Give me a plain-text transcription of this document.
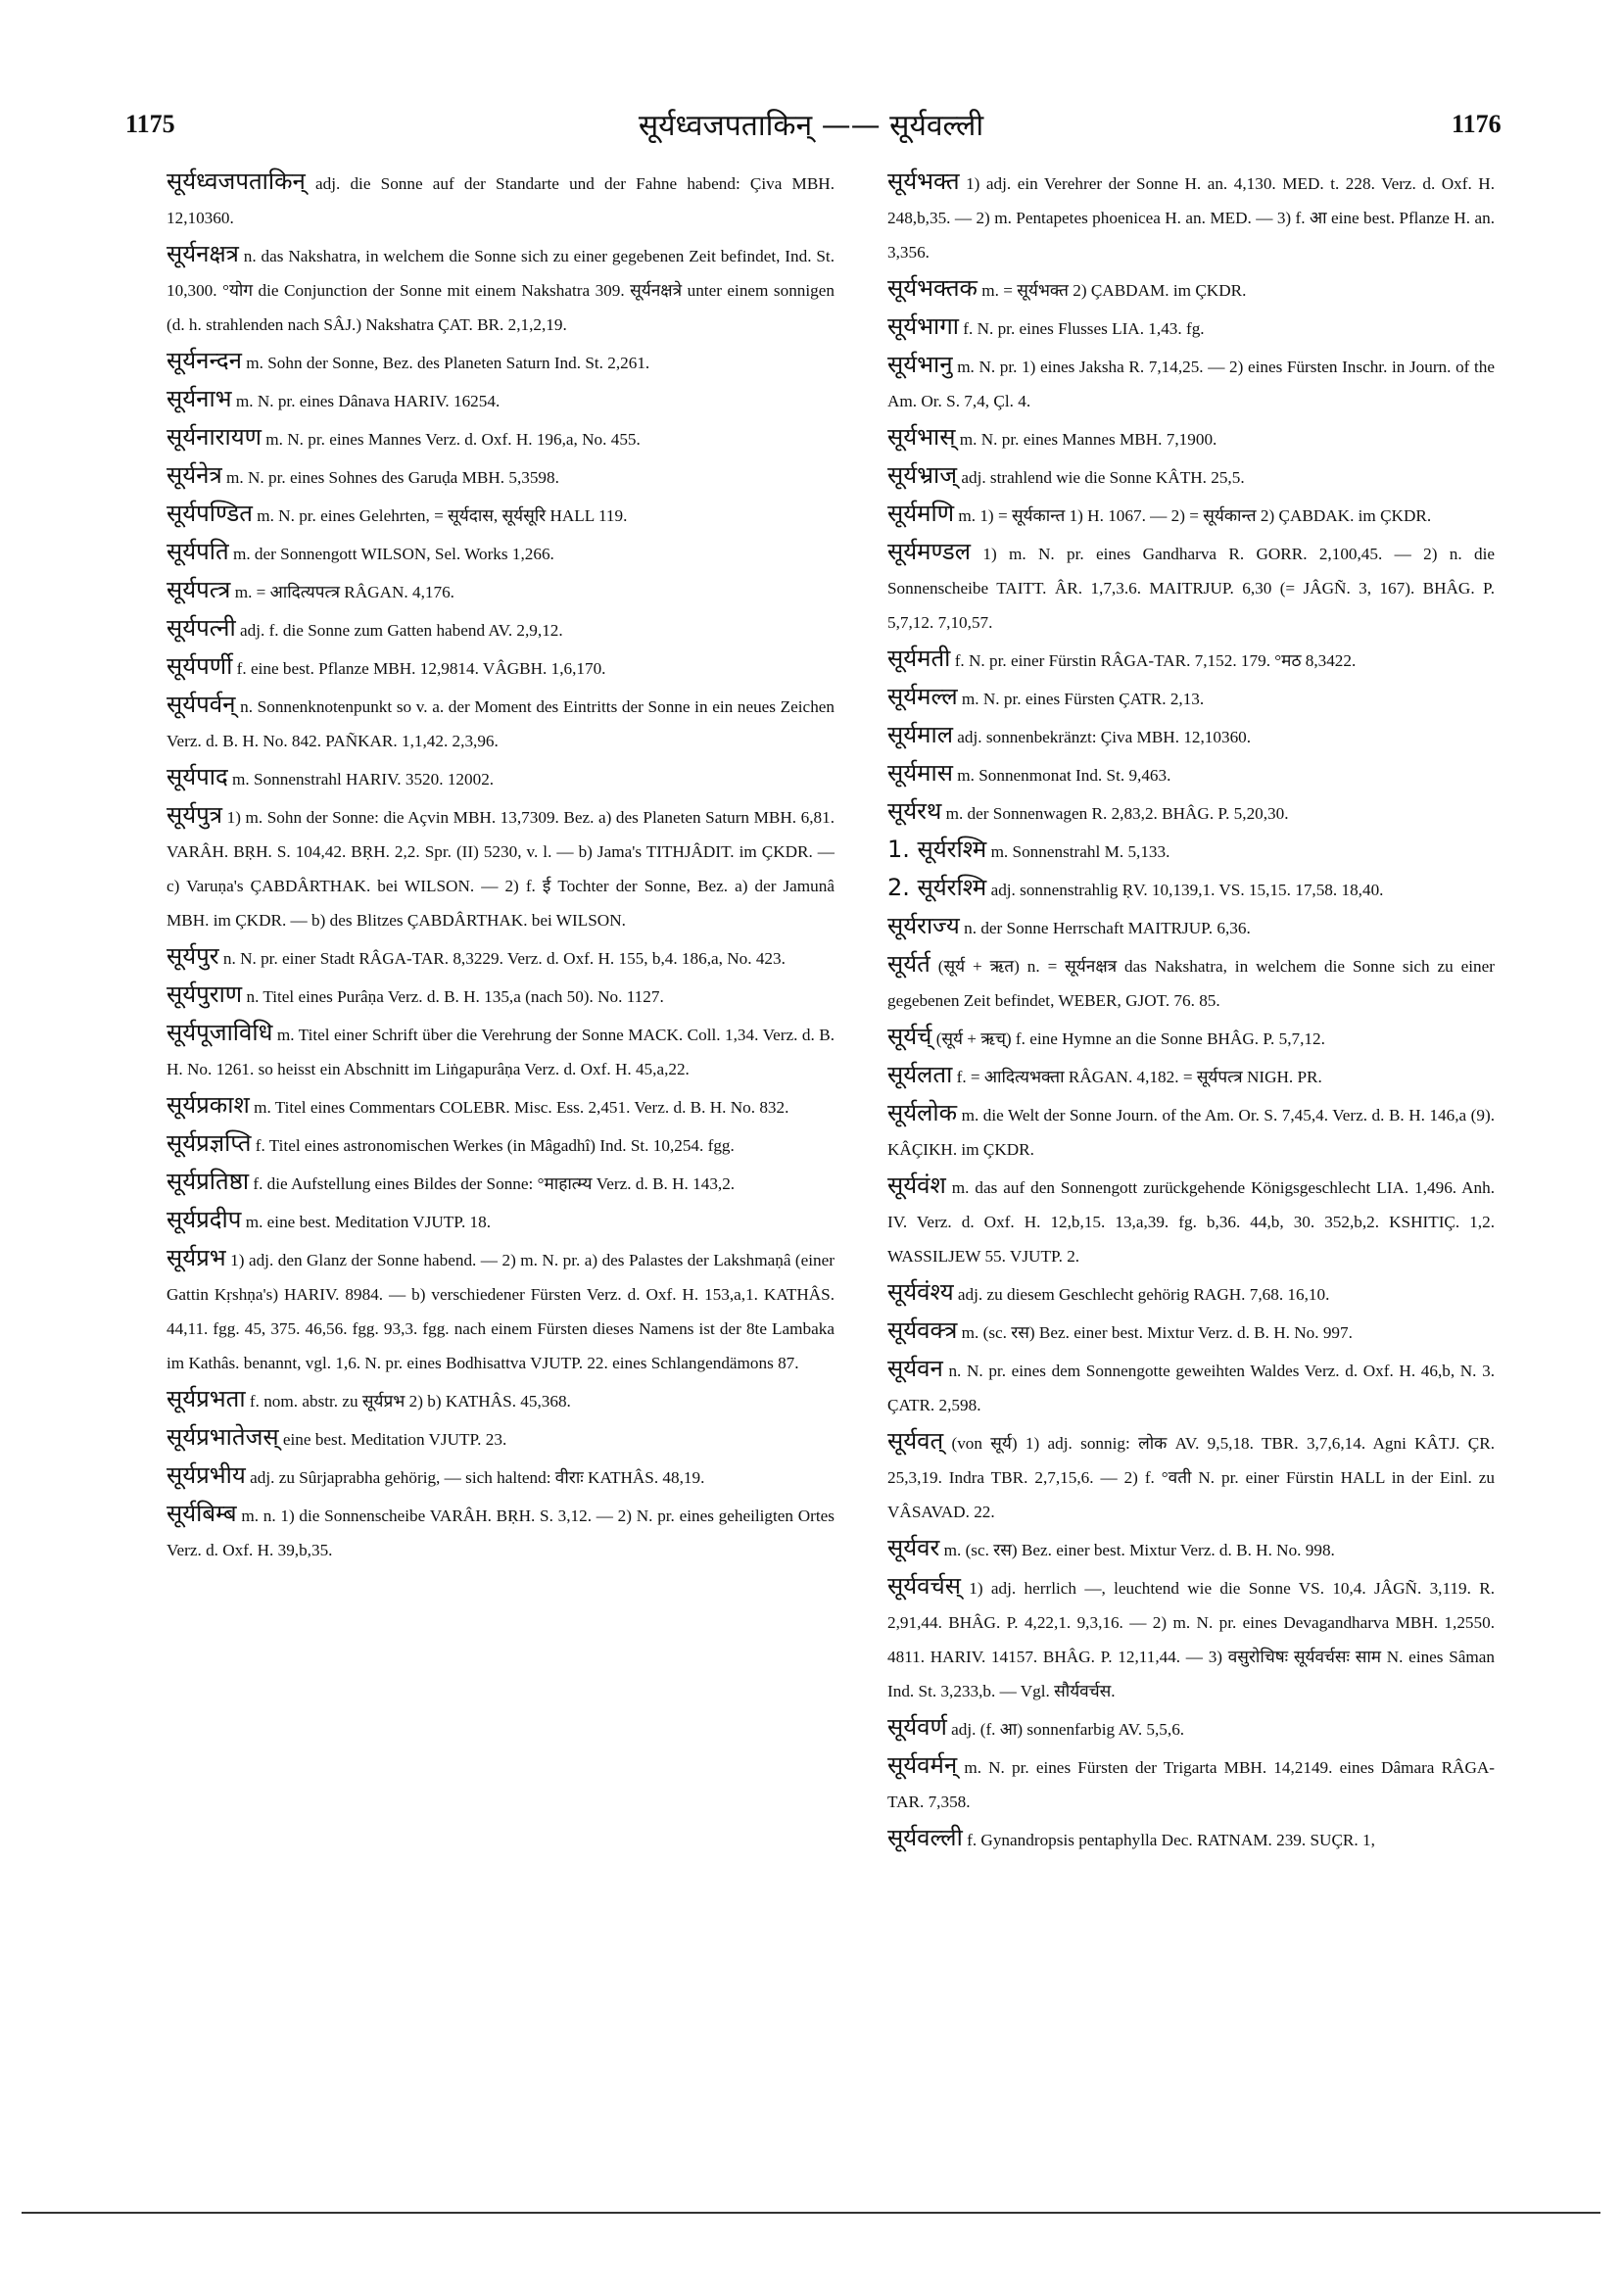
1175	सूर्यध्वजपताकिन् —— सूर्यवल्ली	1176

सूर्यध्वजपताकिन् adj. die Sonne auf der Standarte und der Fahne habend: Çiva MBH. 12,10360.

सूर्यनक्षत्र n. das Nakshatra, in welchem die Sonne sich zu einer gegebenen Zeit befindet, Ind. St. 10,300. °योग die Conjunction der Sonne mit einem Nakshatra 309. सूर्यनक्षत्रे unter einem sonnigen (d. h. strahlenden nach SÂJ.) Nakshatra ÇAT. BR. 2,1,2,19.

सूर्यनन्दन m. Sohn der Sonne, Bez. des Planeten Saturn Ind. St. 2,261.

सूर्यनाभ m. N. pr. eines Dânava HARIV. 16254.

सूर्यनारायण m. N. pr. eines Mannes Verz. d. Oxf. H. 196,a, No. 455.

सूर्यनेत्र m. N. pr. eines Sohnes des Garuḍa MBH. 5,3598.

सूर्यपण्डित m. N. pr. eines Gelehrten, = सूर्यदास, सूर्यसूरि HALL 119.

सूर्यपति m. der Sonnengott WILSON, Sel. Works 1,266.

सूर्यपत्त्र m. = आदित्यपत्त्र RÂGAN. 4,176.

सूर्यपत्नी adj. f. die Sonne zum Gatten habend AV. 2,9,12.

सूर्यपर्णी f. eine best. Pflanze MBH. 12,9814. VÂGBH. 1,6,170.

सूर्यपर्वन् n. Sonnenknotenpunkt so v. a. der Moment des Eintritts der Sonne in ein neues Zeichen Verz. d. B. H. No. 842. PAÑKAR. 1,1,42. 2,3,96.

सूर्यपाद m. Sonnenstrahl HARIV. 3520. 12002.

सूर्यपुत्र 1) m. Sohn der Sonne: die Açvin MBH. 13,7309. Bez. a) des Planeten Saturn MBH. 6,81. VARÂH. BṚH. S. 104,42. BṚH. 2,2. Spr. (II) 5230, v. l. — b) Jama's TITHJÂDIT. im ÇKDR. — c) Varuṇa's ÇABDÂRTHAK. bei WILSON. — 2) f. ई Tochter der Sonne, Bez. a) der Jamunâ MBH. im ÇKDR. — b) des Blitzes ÇABDÂRTHAK. bei WILSON.

सूर्यपुर n. N. pr. einer Stadt RÂGA-TAR. 8,3229. Verz. d. Oxf. H. 155, b,4. 186,a, No. 423.

सूर्यपुराण n. Titel eines Purâṇa Verz. d. B. H. 135,a (nach 50). No. 1127.

सूर्यपूजाविधि m. Titel einer Schrift über die Verehrung der Sonne MACK. Coll. 1,34. Verz. d. B. H. No. 1261. so heisst ein Abschnitt im Liṅgapurâṇa Verz. d. Oxf. H. 45,a,22.

सूर्यप्रकाश m. Titel eines Commentars COLEBR. Misc. Ess. 2,451. Verz. d. B. H. No. 832.

सूर्यप्रज्ञप्ति f. Titel eines astronomischen Werkes (in Mâgadhî) Ind. St. 10,254. fgg.

सूर्यप्रतिष्ठा f. die Aufstellung eines Bildes der Sonne: °माहात्म्य Verz. d. B. H. 143,2.

सूर्यप्रदीप m. eine best. Meditation VJUTP. 18.

सूर्यप्रभ 1) adj. den Glanz der Sonne habend. — 2) m. N. pr. a) des Palastes der Lakshmaṇâ (einer Gattin Kṛshṇa's) HARIV. 8984. — b) verschiedener Fürsten Verz. d. Oxf. H. 153,a,1. KATHÂS. 44,11. fgg. 45, 375. 46,56. fgg. 93,3. fgg. nach einem Fürsten dieses Namens ist der 8te Lambaka im Kathâs. benannt, vgl. 1,6. N. pr. eines Bodhisattva VJUTP. 22. eines Schlangendämons 87.

सूर्यप्रभता f. nom. abstr. zu सूर्यप्रभ 2) b) KATHÂS. 45,368.

सूर्यप्रभातेजस् eine best. Meditation VJUTP. 23.

सूर्यप्रभीय adj. zu Sûrjaprabha gehörig, — sich haltend: वीराः KATHÂS. 48,19.

सूर्यबिम्ब m. n. 1) die Sonnenscheibe VARÂH. BṚH. S. 3,12. — 2) N. pr. eines geheiligten Ortes Verz. d. Oxf. H. 39,b,35.

सूर्यभक्त 1) adj. ein Verehrer der Sonne H. an. 4,130. MED. t. 228. Verz. d. Oxf. H. 248,b,35. — 2) m. Pentapetes phoenicea H. an. MED. — 3) f. आ eine best. Pflanze H. an. 3,356.

सूर्यभक्तक m. = सूर्यभक्त 2) ÇABDAM. im ÇKDR.

सूर्यभागा f. N. pr. eines Flusses LIA. 1,43. fg.

सूर्यभानु m. N. pr. 1) eines Jaksha R. 7,14,25. — 2) eines Fürsten Inschr. in Journ. of the Am. Or. S. 7,4, Çl. 4.

सूर्यभास् m. N. pr. eines Mannes MBH. 7,1900.

सूर्यभ्राज् adj. strahlend wie die Sonne KÂTH. 25,5.

सूर्यमणि m. 1) = सूर्यकान्त 1) H. 1067. — 2) = सूर्यकान्त 2) ÇABDAK. im ÇKDR.

सूर्यमण्डल 1) m. N. pr. eines Gandharva R. GORR. 2,100,45. — 2) n. die Sonnenscheibe TAITT. ÂR. 1,7,3.6. MAITRJUP. 6,30 (= JÂGÑ. 3, 167). BHÂG. P. 5,7,12. 7,10,57.

सूर्यमती f. N. pr. einer Fürstin RÂGA-TAR. 7,152. 179. °मठ 8,3422.

सूर्यमल्ल m. N. pr. eines Fürsten ÇATR. 2,13.

सूर्यमाल adj. sonnenbekränzt: Çiva MBH. 12,10360.

सूर्यमास m. Sonnenmonat Ind. St. 9,463.

सूर्यरथ m. der Sonnenwagen R. 2,83,2. BHÂG. P. 5,20,30.

1. सूर्यरश्मि m. Sonnenstrahl M. 5,133.

2. सूर्यरश्मि adj. sonnenstrahlig ṚV. 10,139,1. VS. 15,15. 17,58. 18,40.

सूर्यराज्य n. der Sonne Herrschaft MAITRJUP. 6,36.

सूर्यर्त (सूर्य + ऋत) n. = सूर्यनक्षत्र das Nakshatra, in welchem die Sonne sich zu einer gegebenen Zeit befindet, WEBER, GJOT. 76. 85.

सूर्यर्च् (सूर्य + ऋच्) f. eine Hymne an die Sonne BHÂG. P. 5,7,12.

सूर्यलता f. = आदित्यभक्ता RÂGAN. 4,182. = सूर्यपत्त्र NIGH. PR.

सूर्यलोक m. die Welt der Sonne Journ. of the Am. Or. S. 7,45,4. Verz. d. B. H. 146,a (9). KÂÇIKH. im ÇKDR.

सूर्यवंश m. das auf den Sonnengott zurückgehende Königsgeschlecht LIA. 1,496. Anh. IV. Verz. d. Oxf. H. 12,b,15. 13,a,39. fg. b,36. 44,b, 30. 352,b,2. KSHITIÇ. 1,2. WASSILJEW 55. VJUTP. 2.

सूर्यवंश्य adj. zu diesem Geschlecht gehörig RAGH. 7,68. 16,10.

सूर्यवक्त्र m. (sc. रस) Bez. einer best. Mixtur Verz. d. B. H. No. 997.

सूर्यवन n. N. pr. eines dem Sonnengotte geweihten Waldes Verz. d. Oxf. H. 46,b, N. 3. ÇATR. 2,598.

सूर्यवत् (von सूर्य) 1) adj. sonnig: लोक AV. 9,5,18. TBR. 3,7,6,14. Agni KÂTJ. ÇR. 25,3,19. Indra TBR. 2,7,15,6. — 2) f. °वती N. pr. einer Fürstin HALL in der Einl. zu VÂSAVAD. 22.

सूर्यवर m. (sc. रस) Bez. einer best. Mixtur Verz. d. B. H. No. 998.

सूर्यवर्चस् 1) adj. herrlich —, leuchtend wie die Sonne VS. 10,4. JÂGÑ. 3,119. R. 2,91,44. BHÂG. P. 4,22,1. 9,3,16. — 2) m. N. pr. eines Devagandharva MBH. 1,2550. 4811. HARIV. 14157. BHÂG. P. 12,11,44. — 3) वसुरोचिषः सूर्यवर्चसः साम N. eines Sâman Ind. St. 3,233,b. — Vgl. सौर्यवर्चस.

सूर्यवर्ण adj. (f. आ) sonnenfarbig AV. 5,5,6.

सूर्यवर्मन् m. N. pr. eines Fürsten der Trigarta MBH. 14,2149. eines Dâmara RÂGA-TAR. 7,358.

सूर्यवल्ली f. Gynandropsis pentaphylla Dec. RATNAM. 239. SUÇR. 1,
